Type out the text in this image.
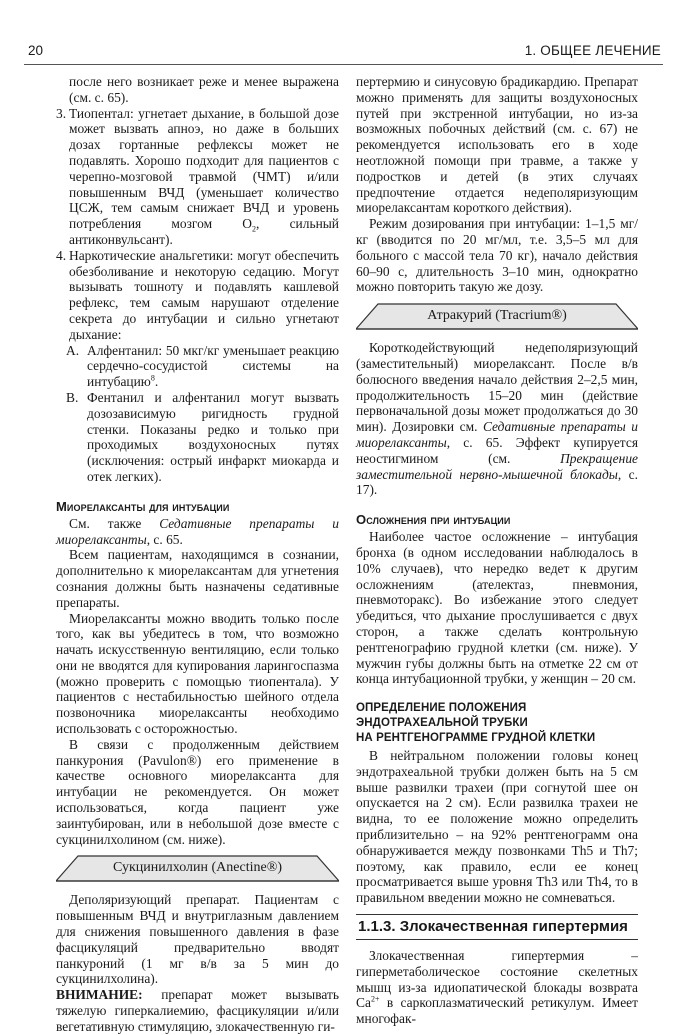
20	1. ОБЩЕЕ ЛЕЧЕНИЕ

после него возникает реже и менее выражена (см. с. 65).

3. Тиопентал: угнетает дыхание, в большой дозе может вызвать апноэ, но даже в больших дозах гортанные рефлексы может не подавлять. Хорошо подходит для пациентов с черепно-мозговой травмой (ЧМТ) и/или повышенным ВЧД (уменьшает количество ЦСЖ, тем самым снижает ВЧД и уровень потребления мозгом $O_2$, сильный антиконвульсант).
4. Наркотические анальгетики: могут обеспечить обезболивание и некоторую седацию. Могут вызывать тошноту и подавлять кашлевой рефлекс, тем самым нарушают отделение секрета до интубации и сильно угнетают дыхание:
А. Алфентанил: 50 мкг/кг уменьшает реакцию сердечно-сосудистой системы на интубацию$^8$.
В. Фентанил и алфентанил могут вызвать дозозависимую ригидность грудной стенки. Показаны редко и только при проходимых воздухоносных путях (исключения: острый инфаркт миокарда и отек легких).
Миорелаксанты для интубации

См. также Седативные препараты и миорелаксанты, с. 65.

Всем пациентам, находящимся в сознании, дополнительно к миорелаксантам для угнетения сознания должны быть назначены седативные препараты.

Миорелаксанты можно вводить только после того, как вы убедитесь в том, что возможно начать искусственную вентиляцию, если только они не вводятся для купирования ларингоспазма (можно проверить с помощью тиопентала). У пациентов с нестабильностью шейного отдела позвоночника миорелаксанты необходимо использовать с осторожностью.

В связи с продолженным действием панкурония (Pavulon®) его применение в качестве основного миорелаксанта для интубации не рекомендуется. Он может использоваться, когда пациент уже заинтубирован, или в небольшой дозе вместе с сукцинилхолином (см. ниже).

Сукцинилхолин (Anectine®)

Деполяризующий препарат. Пациентам с повышенным ВЧД и внутриглазным давлением для снижения повышенного давления в фазе фасцикуляций предварительно вводят панкуроний (1 мг в/в за 5 мин до сукцинилхолина).

ВНИМАНИЕ: препарат может вызывать тяжелую гиперкалиемию, фасцикуляции и/или вегетативную стимуляцию, злокачественную ги-

пертермию и синусовую брадикардию. Препарат можно применять для защиты воздухоносных путей при экстренной интубации, но из-за возможных побочных действий (см. с. 67) не рекомендуется использовать его в ходе неотложной помощи при травме, а также у подростков и детей (в этих случаях предпочтение отдается недеполяризующим миорелаксантам короткого действия).

Режим дозирования при интубации: 1–1,5 мг/кг (вводится по 20 мг/мл, т.е. 3,5–5 мл для больного с массой тела 70 кг), начало действия 60–90 с, длительность 3–10 мин, однократно можно повторить такую же дозу.

Атракурий (Tracrium®)

Короткодействующий недеполяризующий (заместительный) миорелаксант. После в/в болюсного введения начало действия 2–2,5 мин, продолжительность 15–20 мин (действие первоначальной дозы может продолжаться до 30 мин). Дозировки см. Седативные препараты и миорелаксанты, с. 65. Эффект купируется неостигмином (см. Прекращение заместительной нервно-мышечной блокады, с. 17).

Осложнения при интубации

Наиболее частое осложнение – интубация бронха (в одном исследовании наблюдалось в 10% случаев), что нередко ведет к другим осложнениям (ателектаз, пневмония, пневмоторакс). Во избежание этого следует убедиться, что дыхание прослушивается с двух сторон, а также сделать контрольную рентгенографию грудной клетки (см. ниже). У мужчин губы должны быть на отметке 22 см от конца интубационной трубки, у женщин – 20 см.

ОПРЕДЕЛЕНИЕ ПОЛОЖЕНИЯ
ЭНДОТРАХЕАЛЬНОЙ ТРУБКИ
НА РЕНТГЕНОГРАММЕ ГРУДНОЙ КЛЕТКИ

В нейтральном положении головы конец эндотрахеальной трубки должен быть на 5 см выше развилки трахеи (при согнутой шее он опускается на 2 см). Если развилка трахеи не видна, то ее положение можно определить приблизительно – на 92% рентгенограмм она обнаруживается между позвонками Th5 и Th7; поэтому, как правило, если ее конец просматривается выше уровня Th3 или Th4, то в правильном введении можно не сомневаться.

1.1.3. Злокачественная гипертермия

Злокачественная гипертермия – гиперметаболическое состояние скелетных мышц из-за идиопатической блокады возврата $Ca^{2+}$ в саркоплазматический ретикулум. Имеет многофак-
